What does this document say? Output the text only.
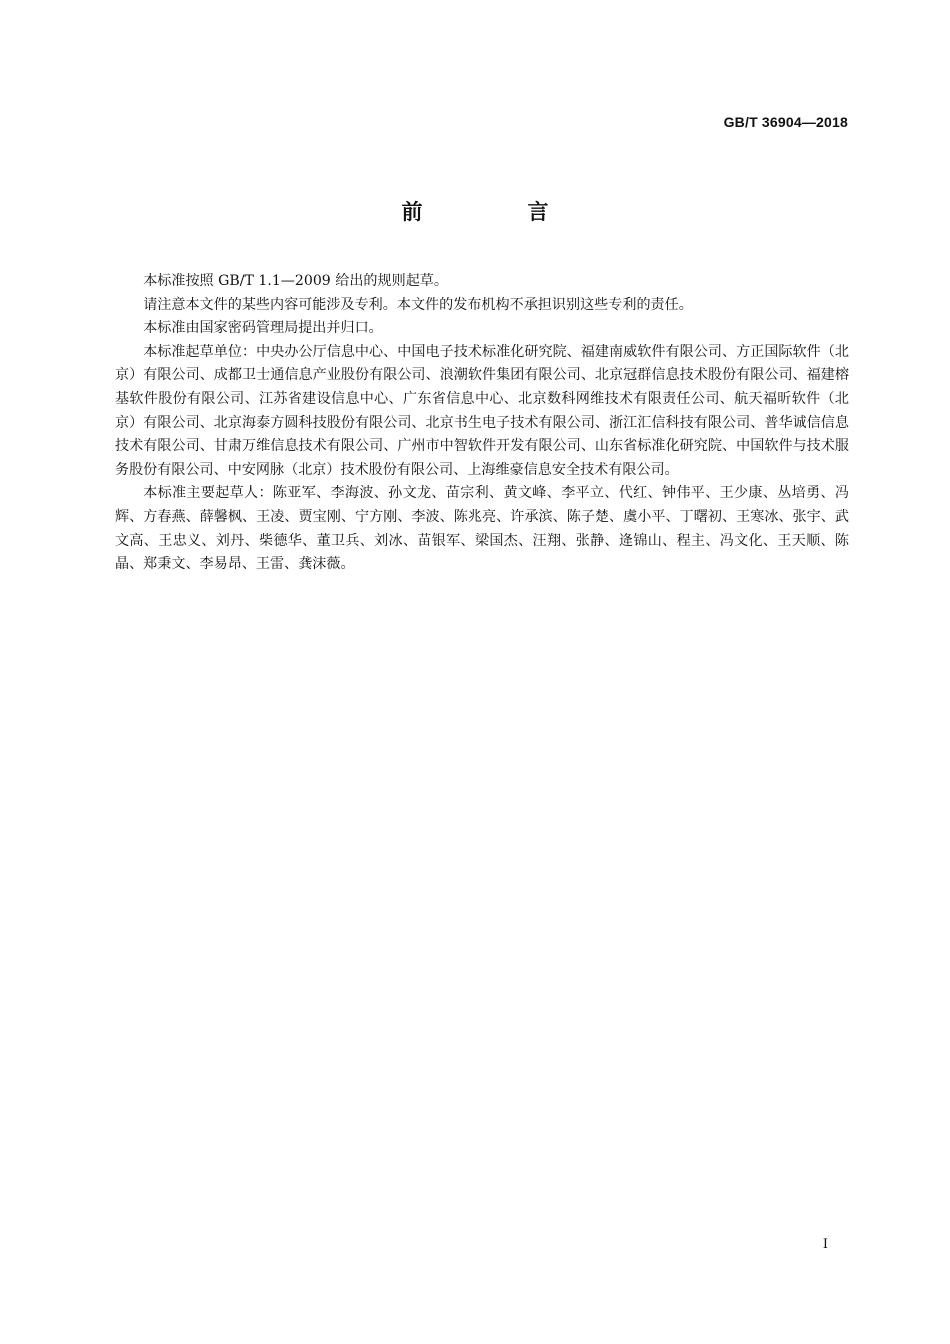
GB/T 36904—2018
前　言

本标准按照 GB/T 1.1—2009 给出的规则起草。

请注意本文件的某些内容可能涉及专利。本文件的发布机构不承担识别这些专利的责任。

本标准由国家密码管理局提出并归口。

本标准起草单位：中央办公厅信息中心、中国电子技术标准化研究院、福建南威软件有限公司、方正国际软件（北京）有限公司、成都卫士通信息产业股份有限公司、浪潮软件集团有限公司、北京冠群信息技术股份有限公司、福建榕基软件股份有限公司、江苏省建设信息中心、广东省信息中心、北京数科网维技术有限责任公司、航天福昕软件（北京）有限公司、北京海泰方圆科技股份有限公司、北京书生电子技术有限公司、浙江汇信科技有限公司、普华诚信信息技术有限公司、甘肃万维信息技术有限公司、广州市中智软件开发有限公司、山东省标准化研究院、中国软件与技术服务股份有限公司、中安网脉（北京）技术股份有限公司、上海维豪信息安全技术有限公司。

本标准主要起草人：陈亚军、李海波、孙文龙、苗宗利、黄文峰、李平立、代红、钟伟平、王少康、丛培勇、冯辉、方春燕、薛馨枫、王凌、贾宝刚、宁方刚、李波、陈兆亮、许承滨、陈子楚、虞小平、丁曙初、王寒冰、张宇、武文高、王忠义、刘丹、柴德华、董卫兵、刘冰、苗银军、梁国杰、汪翔、张静、逄锦山、程主、冯文化、王天顺、陈晶、郑秉文、李易昂、王雷、龚沫薇。

I
